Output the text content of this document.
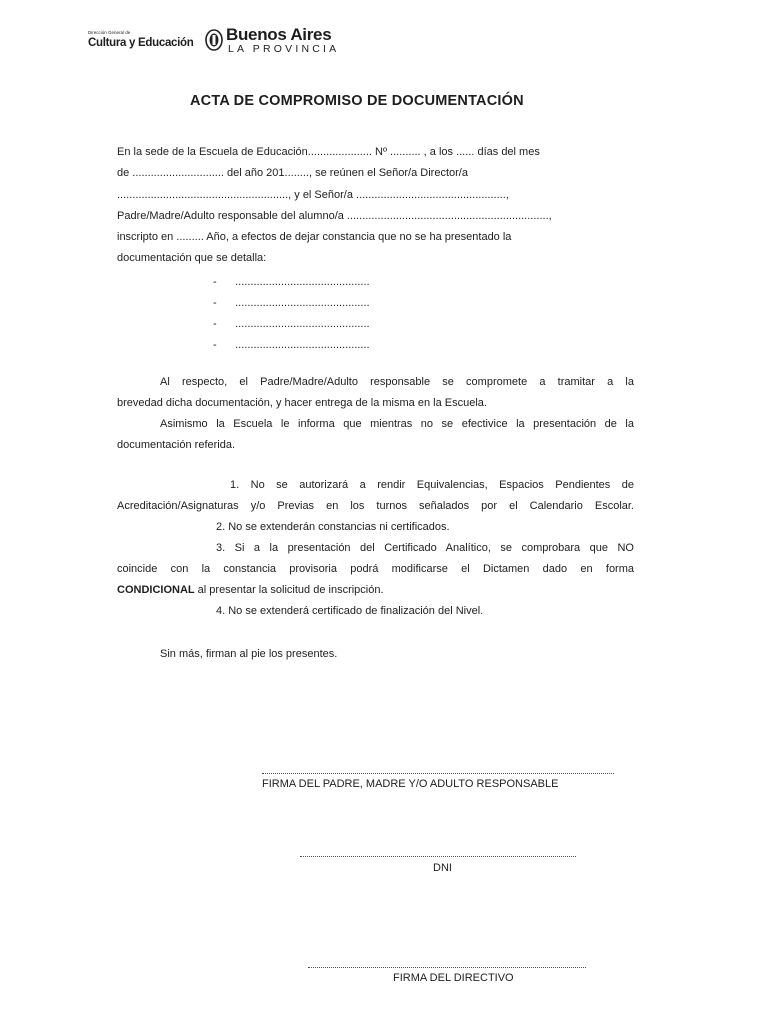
Dirección General de
Cultura y Educación Buenos Aires
LA PROVINCIA
ACTA DE COMPROMISO DE DOCUMENTACIÓN
En la sede de la Escuela de Educación..................... Nº .......... , a los ...... días del mes
de .............................. del año 201........, se reúnen el Señor/a Director/a
........................................................, y el Señor/a .................................................,
Padre/Madre/Adulto responsable del alumno/a ..................................................................,
inscripto en ......... Año, a efectos de dejar constancia que no se ha presentado la
documentación que se detalla:
- ............................................
- ............................................
- ............................................
- ............................................
Al respecto, el Padre/Madre/Adulto responsable se compromete a tramitar a la
brevedad dicha documentación, y hacer entrega de la misma en la Escuela.
Asimismo la Escuela le informa que mientras no se efectivice la presentación de la
documentación referida.
1. No se autorizará a rendir Equivalencias, Espacios Pendientes de
Acreditación/Asignaturas y/o Previas en los turnos señalados por el Calendario Escolar.
2. No se extenderán constancias ni certificados.
3. Si a la presentación del Certificado Analítico, se comprobara que NO
coincide con la constancia provisoria podrá modificarse el Dictamen dado en forma
CONDICIONAL al presentar la solicitud de inscripción.
4. No se extenderá certificado de finalización del Nivel.
Sin más, firman al pie los presentes.
FIRMA DEL PADRE, MADRE Y/O ADULTO RESPONSABLE
DNI
FIRMA DEL DIRECTIVO
